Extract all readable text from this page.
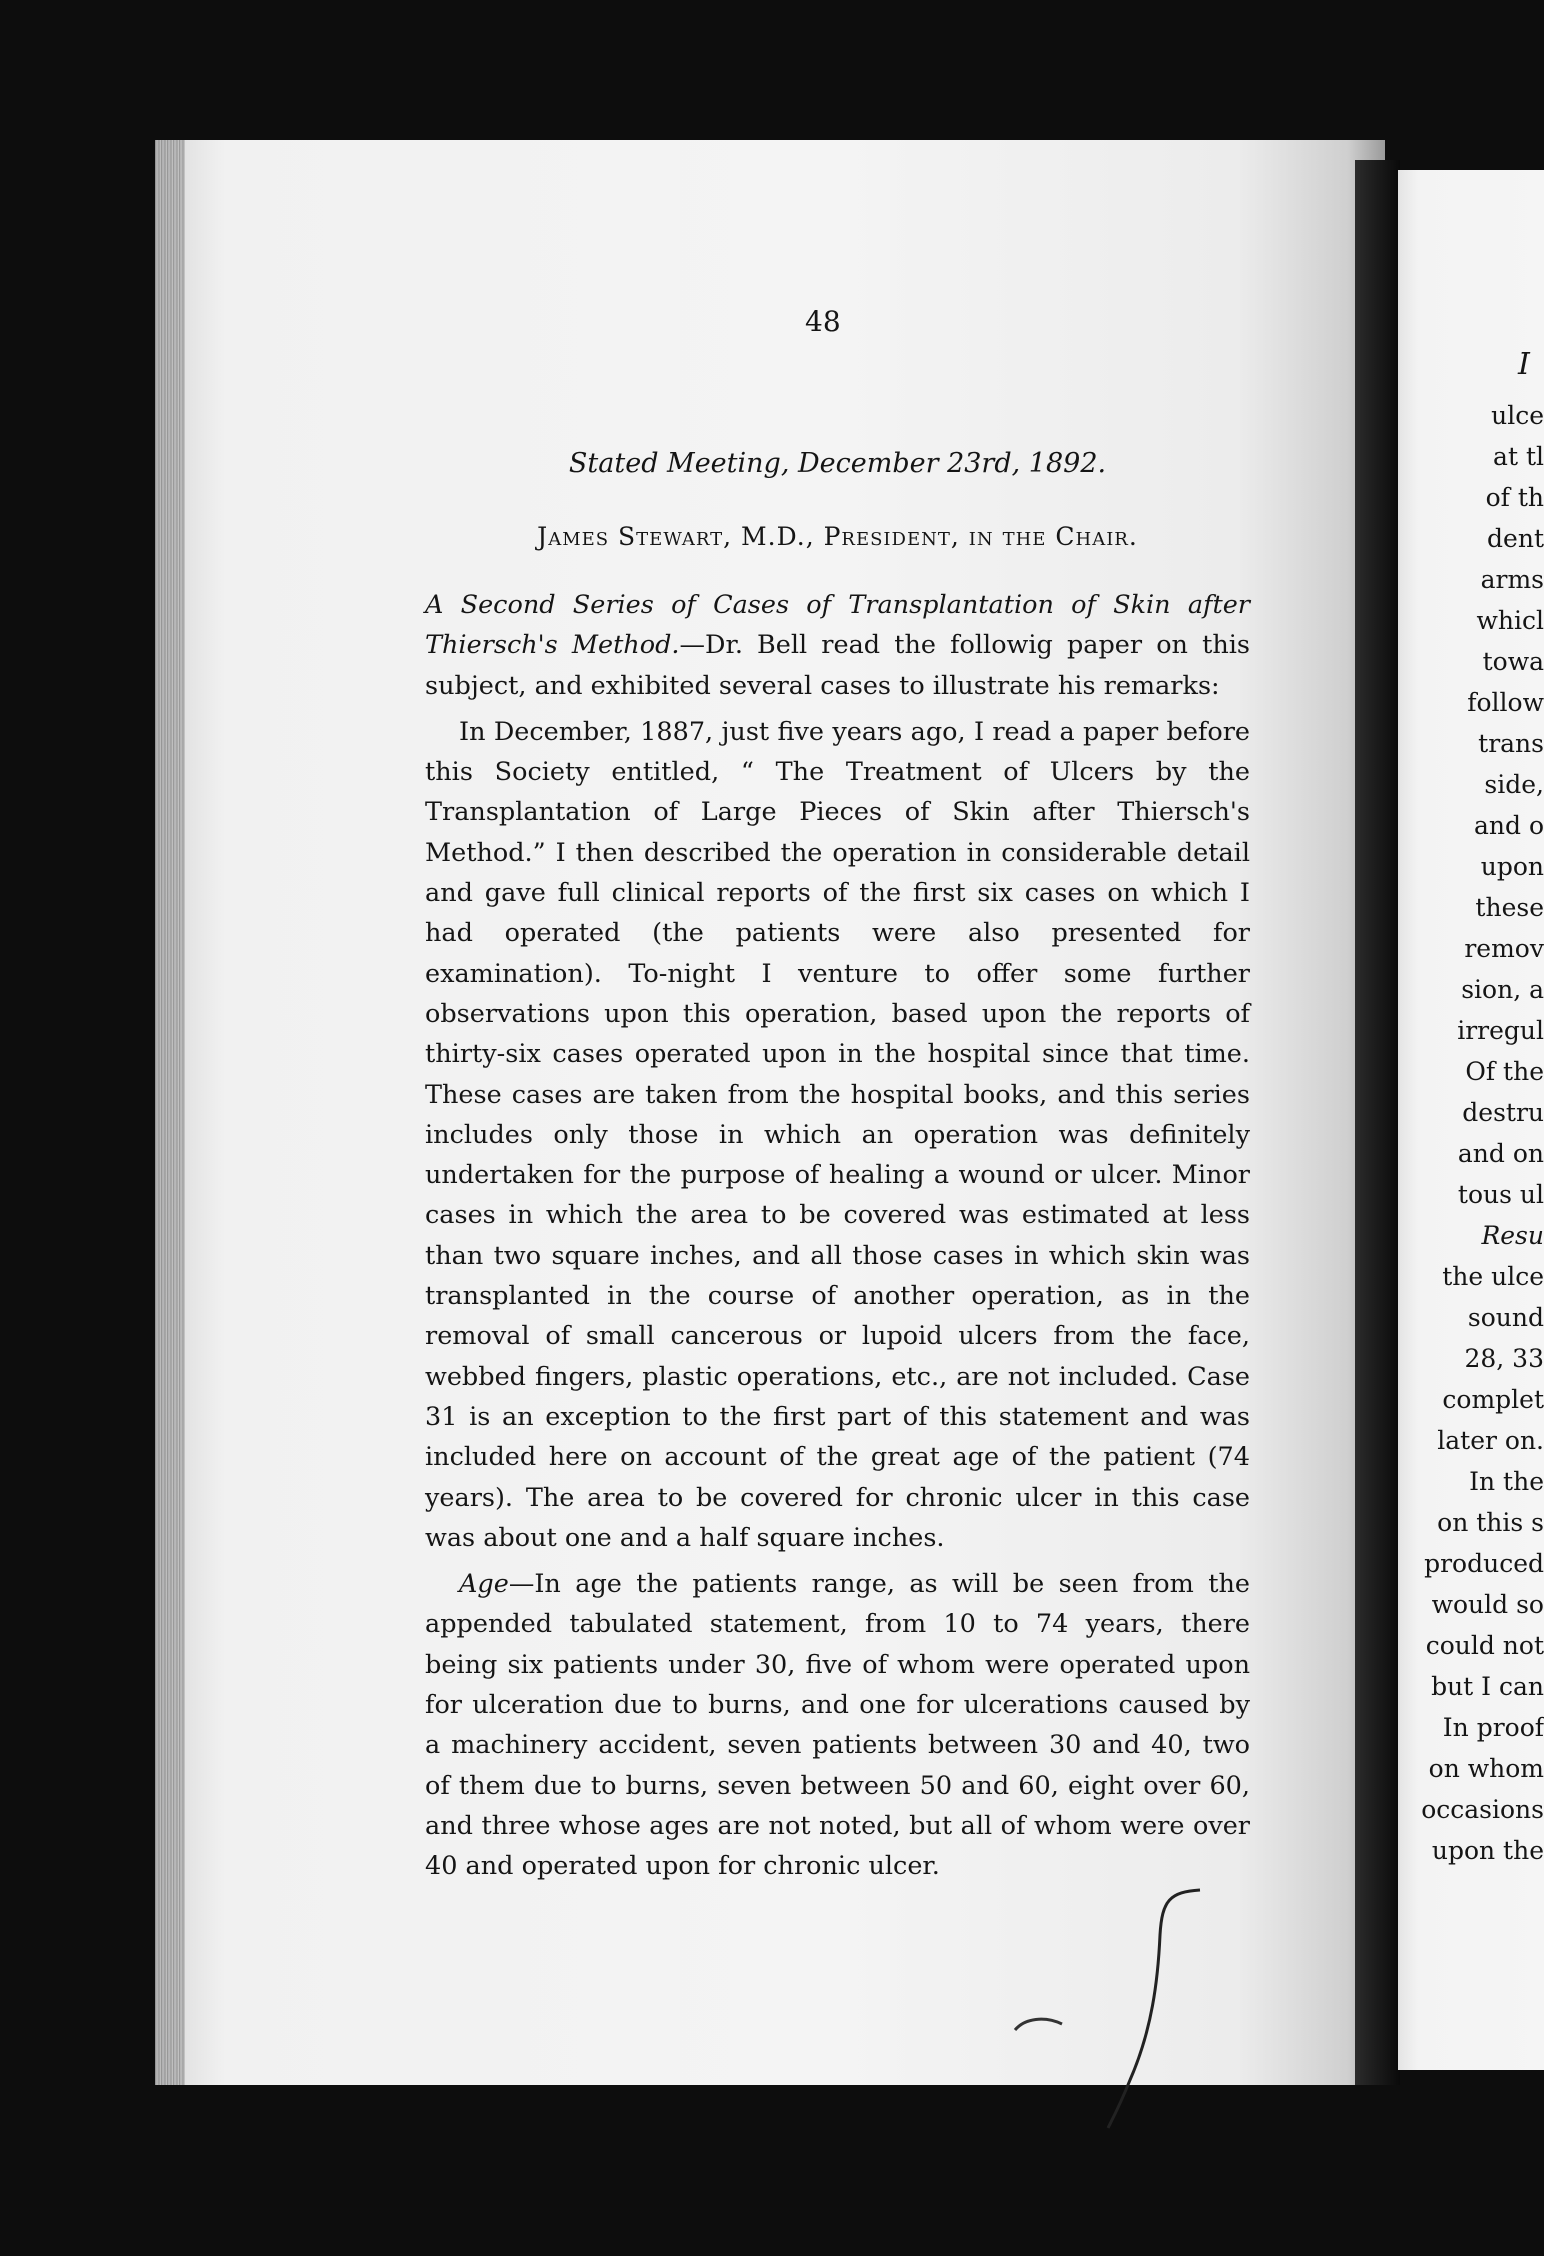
48

Stated Meeting, December 23rd, 1892.

James Stewart, M.D., President, in the Chair.

A Second Series of Cases of Transplantation of Skin after Thiersch's Method.—Dr. Bell read the followig paper on this subject, and exhibited several cases to illustrate his remarks:

In December, 1887, just five years ago, I read a paper before this Society entitled, “ The Treatment of Ulcers by the Transplantation of Large Pieces of Skin after Thiersch's Method.” I then described the operation in considerable detail and gave full clinical reports of the first six cases on which I had operated (the patients were also presented for examination). To-night I venture to offer some further observations upon this operation, based upon the reports of thirty-six cases operated upon in the hospital since that time. These cases are taken from the hospital books, and this series includes only those in which an operation was definitely undertaken for the purpose of healing a wound or ulcer. Minor cases in which the area to be covered was estimated at less than two square inches, and all those cases in which skin was transplanted in the course of another operation, as in the removal of small cancerous or lupoid ulcers from the face, webbed fingers, plastic operations, etc., are not included. Case 31 is an exception to the first part of this statement and was included here on account of the great age of the patient (74 years). The area to be covered for chronic ulcer in this case was about one and a half square inches.

Age—In age the patients range, as will be seen from the appended tabulated statement, from 10 to 74 years, there being six patients under 30, five of whom were operated upon for ulceration due to burns, and one for ulcerations caused by a machinery accident, seven patients between 30 and 40, two of them due to burns, seven between 50 and 60, eight over 60, and three whose ages are not noted, but all of whom were over 40 and operated upon for chronic ulcer.

I
ulce
at tl
of th
dent
arms
whicl
towa
follow
trans
side,
and o
upon
these
remov
sion, a
irregul
Of the
destru
and on
tous ul
Resu
the ulce
sound
28, 33
complet
later on.
In the
on this s
produced
would so
could not
but I can
In proof
on whom
occasions
upon the
